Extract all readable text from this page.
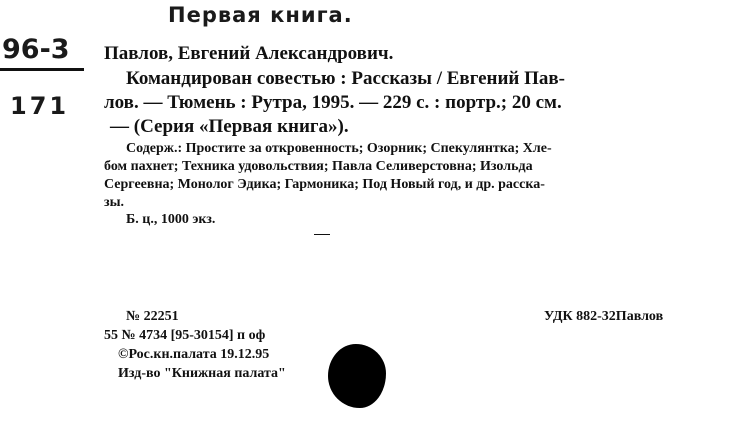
Первая книга.
96-3
171
Павлов, Евгений Александрович.
Командирован совестью : Рассказы / Евгений Пав-
лов. — Тюмень : Рутра, 1995. — 229 с. : портр.; 20 см.
— (Серия «Первая книга»).
Содерж.: Простите за откровенность; Озорник; Спекулянтка; Хле-
бом пахнет; Техника удовольствия; Павла Селиверстовна; Изольда
Сергеевна; Монолог Эдика; Гармоника; Под Новый год, и др. расска-
зы.
Б. ц., 1000 экз.
№ 22251	УДК 882-32Павлов
55 № 4734 [95-30154] п оф
©Рос.кн.палата 19.12.95
Изд-во "Книжная палата"
